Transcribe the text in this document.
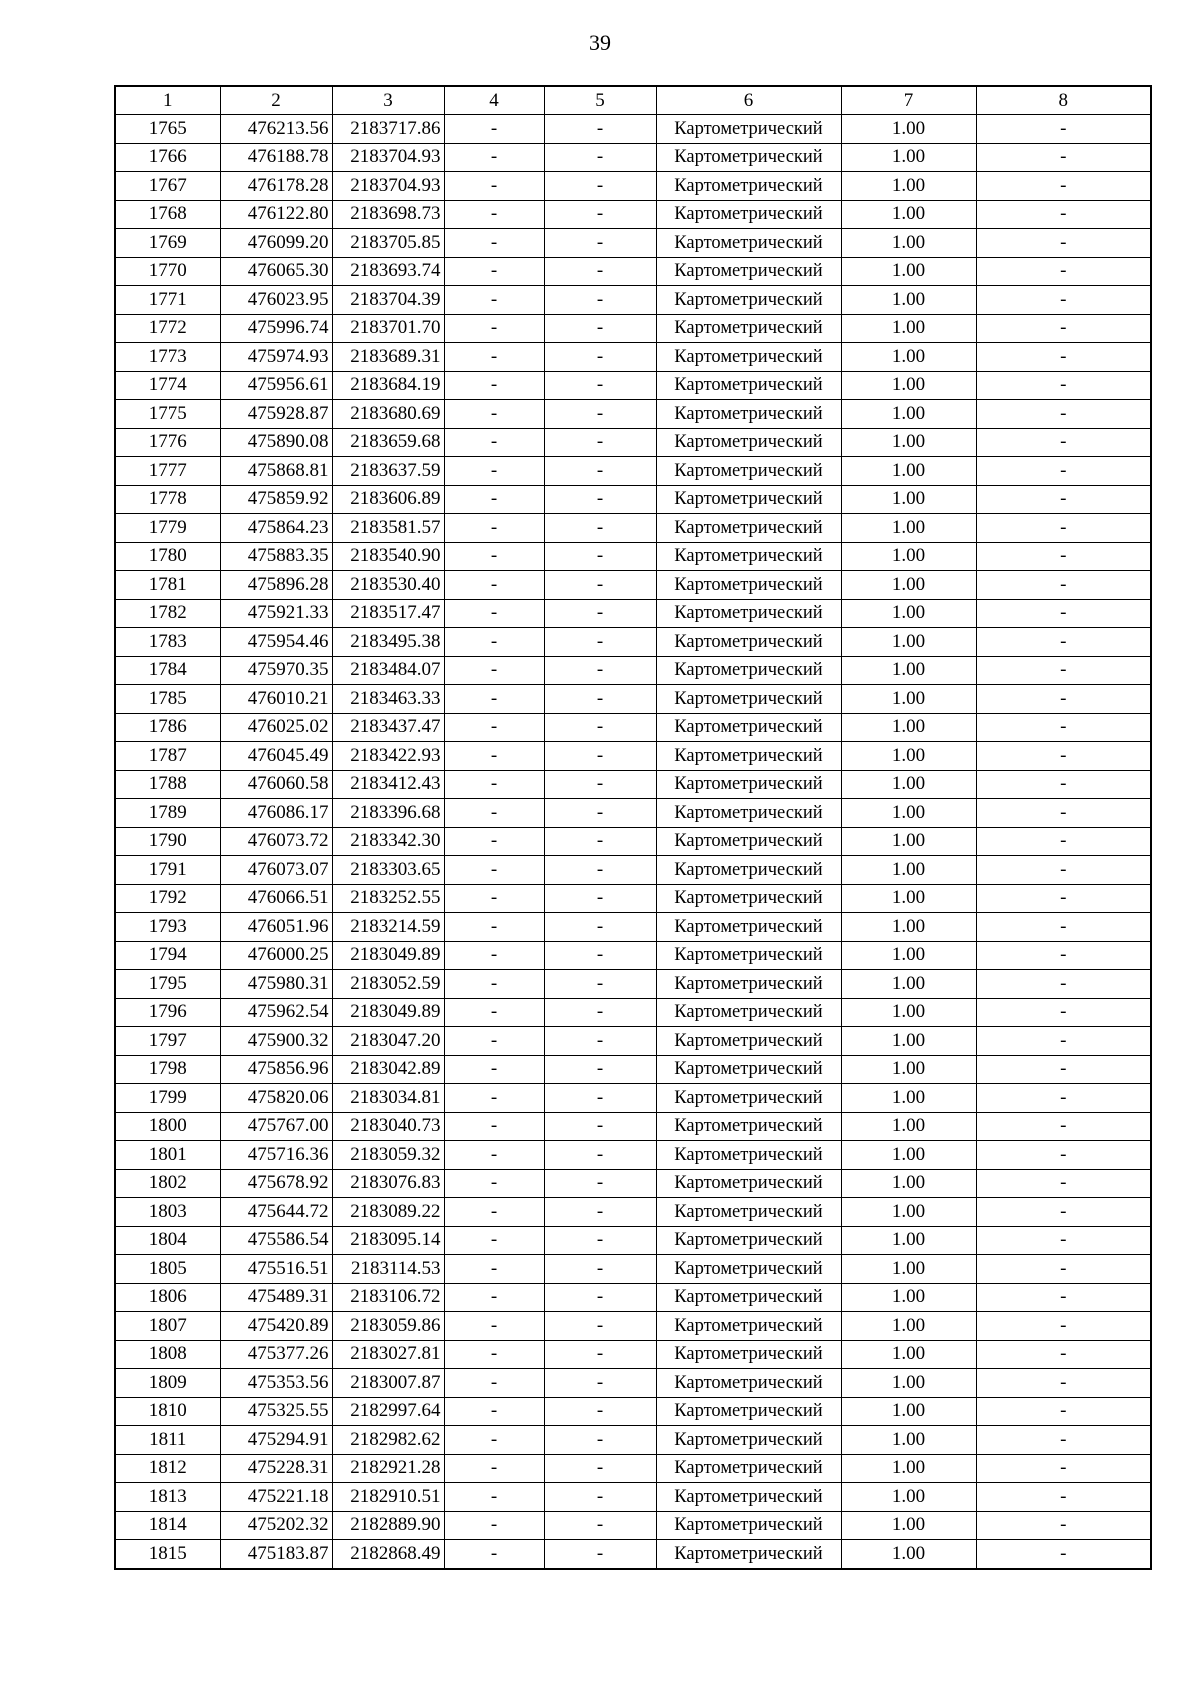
39
1	2	3	4	5	6	7	8
1765	476213.56	2183717.86	-	-	Картометрический	1.00	-
1766	476188.78	2183704.93	-	-	Картометрический	1.00	-
1767	476178.28	2183704.93	-	-	Картометрический	1.00	-
1768	476122.80	2183698.73	-	-	Картометрический	1.00	-
1769	476099.20	2183705.85	-	-	Картометрический	1.00	-
1770	476065.30	2183693.74	-	-	Картометрический	1.00	-
1771	476023.95	2183704.39	-	-	Картометрический	1.00	-
1772	475996.74	2183701.70	-	-	Картометрический	1.00	-
1773	475974.93	2183689.31	-	-	Картометрический	1.00	-
1774	475956.61	2183684.19	-	-	Картометрический	1.00	-
1775	475928.87	2183680.69	-	-	Картометрический	1.00	-
1776	475890.08	2183659.68	-	-	Картометрический	1.00	-
1777	475868.81	2183637.59	-	-	Картометрический	1.00	-
1778	475859.92	2183606.89	-	-	Картометрический	1.00	-
1779	475864.23	2183581.57	-	-	Картометрический	1.00	-
1780	475883.35	2183540.90	-	-	Картометрический	1.00	-
1781	475896.28	2183530.40	-	-	Картометрический	1.00	-
1782	475921.33	2183517.47	-	-	Картометрический	1.00	-
1783	475954.46	2183495.38	-	-	Картометрический	1.00	-
1784	475970.35	2183484.07	-	-	Картометрический	1.00	-
1785	476010.21	2183463.33	-	-	Картометрический	1.00	-
1786	476025.02	2183437.47	-	-	Картометрический	1.00	-
1787	476045.49	2183422.93	-	-	Картометрический	1.00	-
1788	476060.58	2183412.43	-	-	Картометрический	1.00	-
1789	476086.17	2183396.68	-	-	Картометрический	1.00	-
1790	476073.72	2183342.30	-	-	Картометрический	1.00	-
1791	476073.07	2183303.65	-	-	Картометрический	1.00	-
1792	476066.51	2183252.55	-	-	Картометрический	1.00	-
1793	476051.96	2183214.59	-	-	Картометрический	1.00	-
1794	476000.25	2183049.89	-	-	Картометрический	1.00	-
1795	475980.31	2183052.59	-	-	Картометрический	1.00	-
1796	475962.54	2183049.89	-	-	Картометрический	1.00	-
1797	475900.32	2183047.20	-	-	Картометрический	1.00	-
1798	475856.96	2183042.89	-	-	Картометрический	1.00	-
1799	475820.06	2183034.81	-	-	Картометрический	1.00	-
1800	475767.00	2183040.73	-	-	Картометрический	1.00	-
1801	475716.36	2183059.32	-	-	Картометрический	1.00	-
1802	475678.92	2183076.83	-	-	Картометрический	1.00	-
1803	475644.72	2183089.22	-	-	Картометрический	1.00	-
1804	475586.54	2183095.14	-	-	Картометрический	1.00	-
1805	475516.51	2183114.53	-	-	Картометрический	1.00	-
1806	475489.31	2183106.72	-	-	Картометрический	1.00	-
1807	475420.89	2183059.86	-	-	Картометрический	1.00	-
1808	475377.26	2183027.81	-	-	Картометрический	1.00	-
1809	475353.56	2183007.87	-	-	Картометрический	1.00	-
1810	475325.55	2182997.64	-	-	Картометрический	1.00	-
1811	475294.91	2182982.62	-	-	Картометрический	1.00	-
1812	475228.31	2182921.28	-	-	Картометрический	1.00	-
1813	475221.18	2182910.51	-	-	Картометрический	1.00	-
1814	475202.32	2182889.90	-	-	Картометрический	1.00	-
1815	475183.87	2182868.49	-	-	Картометрический	1.00	-
